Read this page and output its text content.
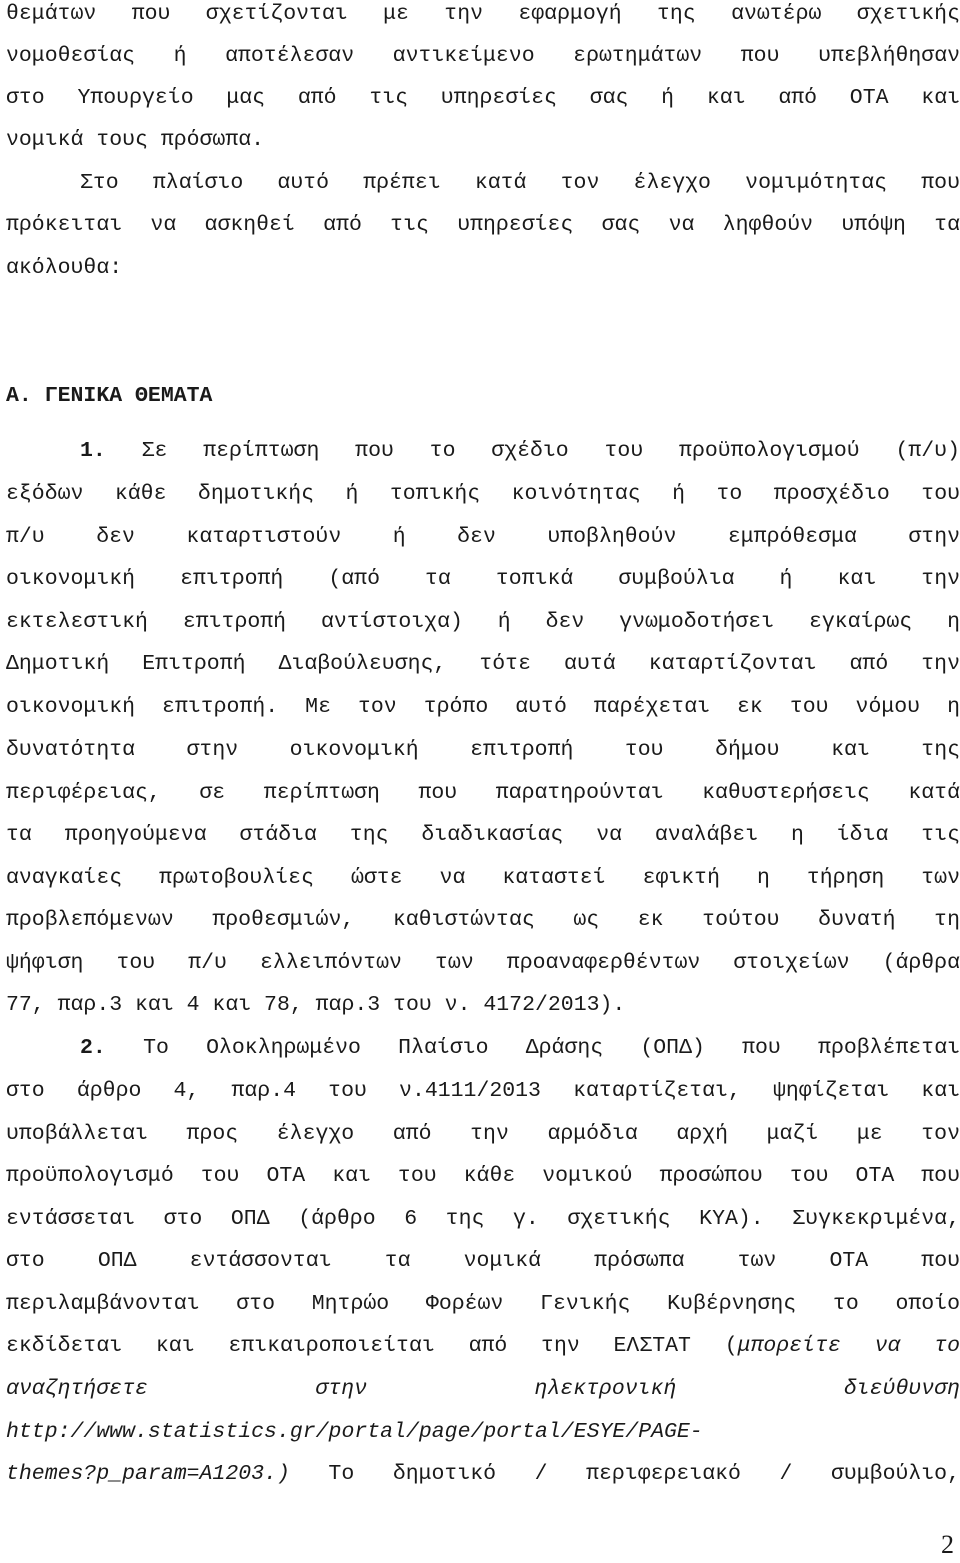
θεμάτων που σχετίζονται με την εφαρμογή της ανωτέρω σχετικής
νομοθεσίας ή αποτέλεσαν αντικείμενο ερωτημάτων που υπεβλήθησαν
στο Υπουργείο μας από τις υπηρεσίες σας ή και από ΟΤΑ και
νομικά τους πρόσωπα.
Στο πλαίσιο αυτό πρέπει κατά τον έλεγχο νομιμότητας που
πρόκειται να ασκηθεί από τις υπηρεσίες σας να ληφθούν υπόψη τα
ακόλουθα:
Α. ΓΕΝΙΚΑ ΘΕΜΑΤΑ
1. Σε περίπτωση που το σχέδιο του προϋπολογισμού (π/υ)
εξόδων κάθε δημοτικής ή τοπικής κοινότητας ή το προσχέδιο του
π/υ δεν καταρτιστούν ή δεν υποβληθούν εμπρόθεσμα στην
οικονομική επιτροπή (από τα τοπικά συμβούλια ή και την
εκτελεστική επιτροπή αντίστοιχα) ή δεν γνωμοδοτήσει εγκαίρως η
Δημοτική Επιτροπή Διαβούλευσης, τότε αυτά καταρτίζονται από την
οικονομική επιτροπή. Με τον τρόπο αυτό παρέχεται εκ του νόμου η
δυνατότητα στην οικονομική επιτροπή του δήμου και της
περιφέρειας, σε περίπτωση που παρατηρούνται καθυστερήσεις κατά
τα προηγούμενα στάδια της διαδικασίας να αναλάβει η ίδια τις
αναγκαίες πρωτοβουλίες ώστε να καταστεί εφικτή η τήρηση των
προβλεπόμενων προθεσμιών, καθιστώντας ως εκ τούτου δυνατή τη
ψήφιση του π/υ ελλειπόντων των προαναφερθέντων στοιχείων (άρθρα
77, παρ.3 και 4 και 78, παρ.3 του ν. 4172/2013).
2. Το Ολοκληρωμένο Πλαίσιο Δράσης (ΟΠΔ) που προβλέπεται
στο άρθρο 4, παρ.4 του ν.4111/2013 καταρτίζεται, ψηφίζεται και
υποβάλλεται προς έλεγχο από την αρμόδια αρχή μαζί με τον
προϋπολογισμό του ΟΤΑ και του κάθε νομικού προσώπου του ΟΤΑ που
εντάσσεται στο ΟΠΔ (άρθρο 6 της γ. σχετικής ΚΥΑ). Συγκεκριμένα,
στο ΟΠΔ εντάσσονται τα νομικά πρόσωπα των ΟΤΑ που
περιλαμβάνονται στο Μητρώο Φορέων Γενικής Κυβέρνησης το οποίο
εκδίδεται και επικαιροποιείται από την ΕΛΣΤΑΤ (μπορείτε να το
αναζητήσετε στην ηλεκτρονική διεύθυνση
http://www.statistics.gr/portal/page/portal/ESYE/PAGE-
themes?p_param=A1203.) Το δημοτικό / περιφερειακό / συμβούλιο,
2
